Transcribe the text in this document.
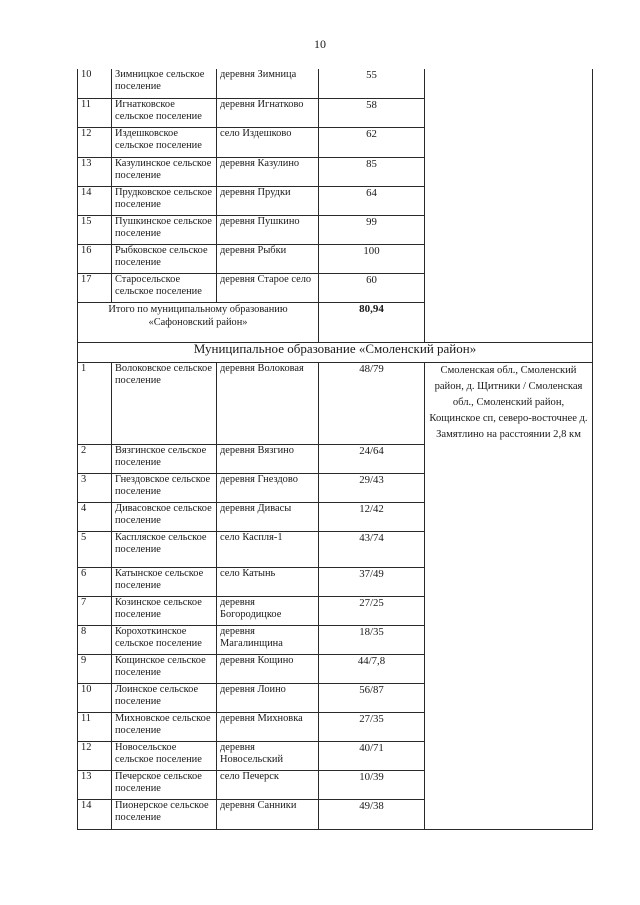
10
10	Зимницкое сельское поселение	деревня Зимница	55	
11	Игнатковское сельское поселение	деревня Игнатково	58	
12	Издешковское сельское поселение	село Издешково	62	
13	Казулинское сельское поселение	деревня Казулино	85	
14	Прудковское сельское поселение	деревня Прудки	64	
15	Пушкинское сельское поселение	деревня Пушкино	99	
16	Рыбковское сельское поселение	деревня Рыбки	100	
17	Старосельское сельское поселение	деревня Старое село	60	
Итого по муниципальному образованию «Сафоновский район»			80,94	
Муниципальное образование «Смоленский район»				
1	Волоковское сельское поселение	деревня Волоковая	48/79	Смоленская обл., Смоленский район, д. Щитники / Смоленская обл., Смоленский район, Кощинское сп, северо-восточнее д. Замятлино на расстоянии 2,8 км
2	Вязгинское сельское поселение	деревня Вязгино	24/64	
3	Гнездовское сельское поселение	деревня Гнездово	29/43	
4	Дивасовское сельское поселение	деревня Дивасы	12/42	
5	Каспляское сельское поселение	село Каспля-1	43/74	
6	Катынское сельское поселение	село Катынь	37/49	
7	Козинское сельское поселение	деревня Богородицкое	27/25	
8	Корохоткинское сельское поселение	деревня Магалинщина	18/35	
9	Кощинское сельское поселение	деревня Кощино	44/7,8	
10	Лоинское сельское поселение	деревня Лоино	56/87	
11	Михновское сельское поселение	деревня Михновка	27/35	
12	Новосельское сельское поселение	деревня Новосельский	40/71	
13	Печерское сельское поселение	село Печерск	10/39	
14	Пионерское сельское поселение	деревня Санники	49/38	
